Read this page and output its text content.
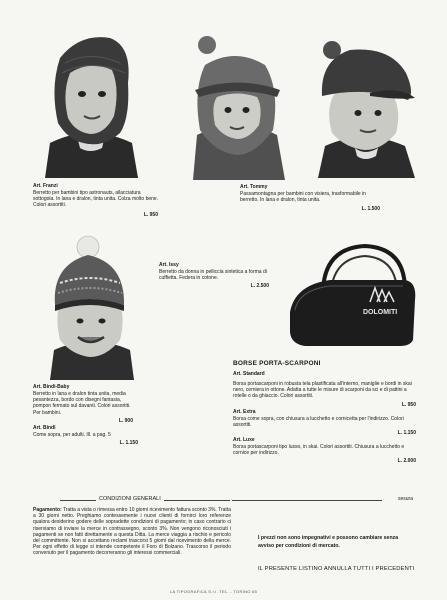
DOLOMITI
Art. Franzi
Berretto per bambini tipo astronauts, allacciatura sottogola. In lana e dralon, tinta unita. Colza molto bene. Colori assortiti.
L. 950
Art. Tommy
Passamontagna per bambini con visiera, trasformabile in berretto. In lana e dralon, tinta unita.
L. 1.500
Art. Issy
Berretto da donna in pelliccia sintetica a forma di cuffietta. Federa in cotone.
L. 2.500
Art. Bindi-Baby
Berretto in lana e dralon tinta unita, media pesantezza, bordo con disegni fantasia, pompon fermato sul davanti. Colori assortiti. Per bambini.
L. 900
Art. Bindi
Come sopra, per adulti. Ill. a pag. 5
L. 1.150
BORSE PORTA-SCARPONI
Art. Standard
Borsa portascarponi in robusta tela plastificata all'interno, maniglie e bordi in skai nero, cerniera in ottone. Adatta a tutte le misure di scarponi da sci e di pattini a rotelle o da ghiaccio. Colori assortiti.
L. 950
Art. Extra
Borsa come sopra, con chiusura a lucchetto e cornicetta per l'indirizzo. Colori assortiti.
L. 1.150
Art. Luxe
Borsa portascarponi tipo lusso, in skai. Colori assortiti. Chiusura a lucchetto e cornice per indirizzo.
L. 2.000
CONDIZIONI GENERALI	sesura
Pagamento: Tratta a vista o rimessa entro 10 giorni ricevimento fattura sconto 3%. Tratta a 30 giorni netto. Preghiamo contessemente i nuovi clienti di fornirci loro referenze qualora desiderino godere delle sopradette condizioni di pagamento; in caso contrario ci riserviamo di inviare la merce in contrassegno, sconto 3%. Non vengono riconosciuti i pagamenti se non fatti direttamente a questa Ditta. La merce viaggia a rischio e pericolo del committente. Non si accettano reclami trascorsi 5 giorni dal ricevimento della merce. Per ogni effetto di legge si intende competente il Foro di Bolzano. Trascorso il periodo convenuto per il pagamento decorreranno gli interessi commerciali.
I prezzi non sono impegnativi e possono cambiare senza avviso per condizioni di mercato.
IL PRESENTE LISTINO ANNULLA TUTTI I PRECEDENTI
LA TIPOGRAFICA S.r.l. TEL. - TORINO 65
